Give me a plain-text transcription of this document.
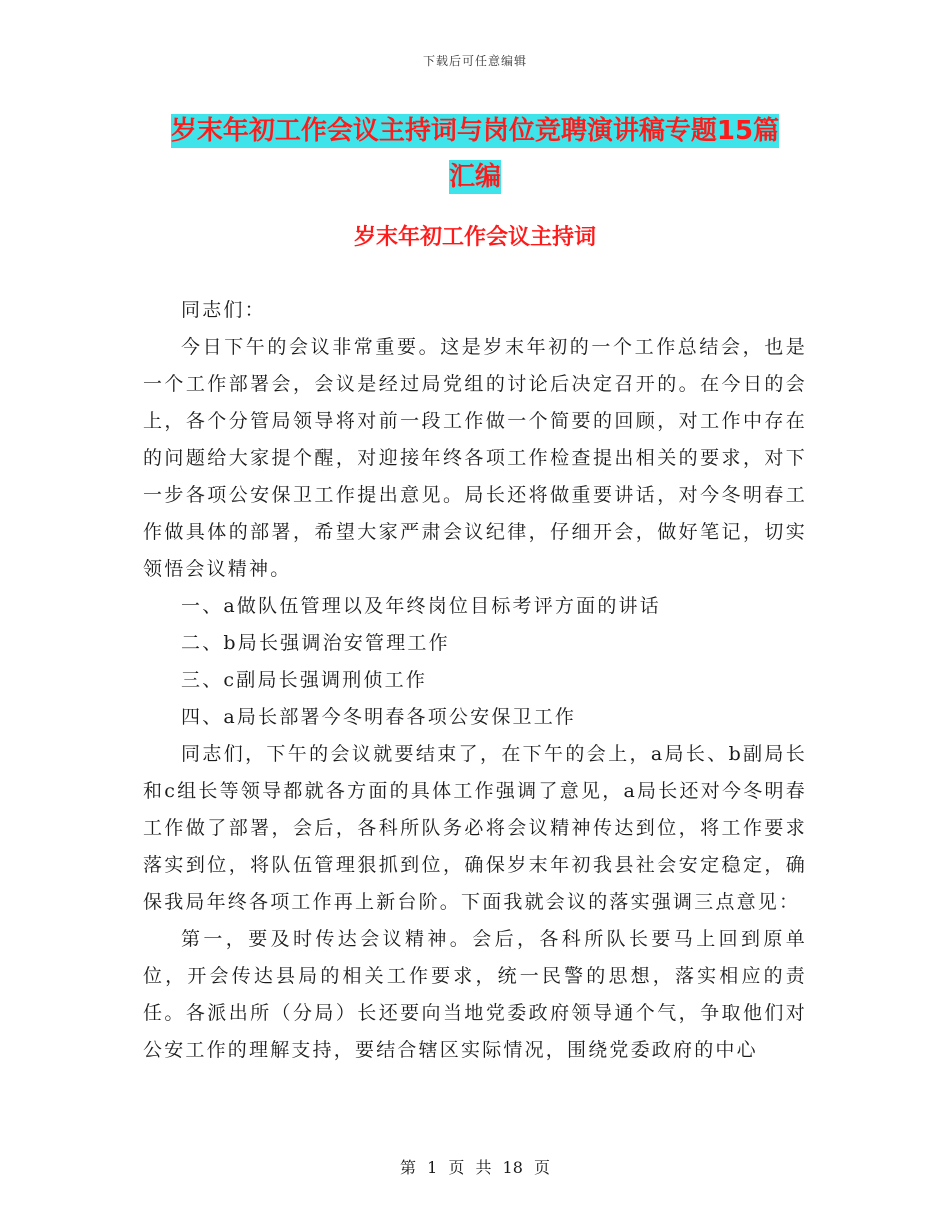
下载后可任意编辑
岁末年初工作会议主持词与岗位竞聘演讲稿专题15篇
汇编
岁末年初工作会议主持词

同志们：

今日下午的会议非常重要。这是岁末年初的一个工作总结会，也是一个工作部署会，会议是经过局党组的讨论后决定召开的。在今日的会上，各个分管局领导将对前一段工作做一个简要的回顾，对工作中存在的问题给大家提个醒，对迎接年终各项工作检查提出相关的要求，对下一步各项公安保卫工作提出意见。局长还将做重要讲话，对今冬明春工作做具体的部署，希望大家严肃会议纪律，仔细开会，做好笔记，切实领悟会议精神。

一、a做队伍管理以及年终岗位目标考评方面的讲话

二、b局长强调治安管理工作

三、c副局长强调刑侦工作

四、a局长部署今冬明春各项公安保卫工作

同志们，下午的会议就要结束了，在下午的会上，a局长、b副局长和c组长等领导都就各方面的具体工作强调了意见，a局长还对今冬明春工作做了部署，会后，各科所队务必将会议精神传达到位，将工作要求落实到位，将队伍管理狠抓到位，确保岁末年初我县社会安定稳定，确保我局年终各项工作再上新台阶。下面我就会议的落实强调三点意见：

第一，要及时传达会议精神。会后，各科所队长要马上回到原单位，开会传达县局的相关工作要求，统一民警的思想，落实相应的责任。各派出所（分局）长还要向当地党委政府领导通个气，争取他们对公安工作的理解支持，要结合辖区实际情况，围绕党委政府的中心

第 1 页 共 18 页
